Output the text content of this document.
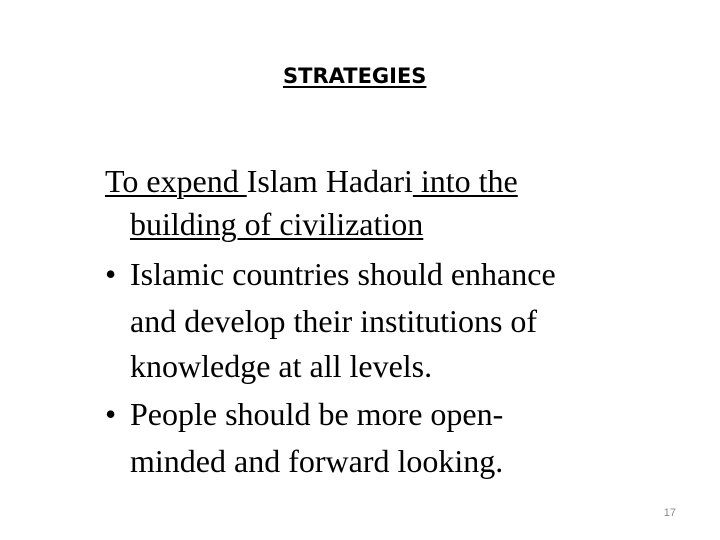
STRATEGIES
To expend Islam Hadari into the
building of civilization
• Islamic countries should enhance
and develop their institutions of
knowledge at all levels.
• People should be more open-
minded and forward looking.
17
